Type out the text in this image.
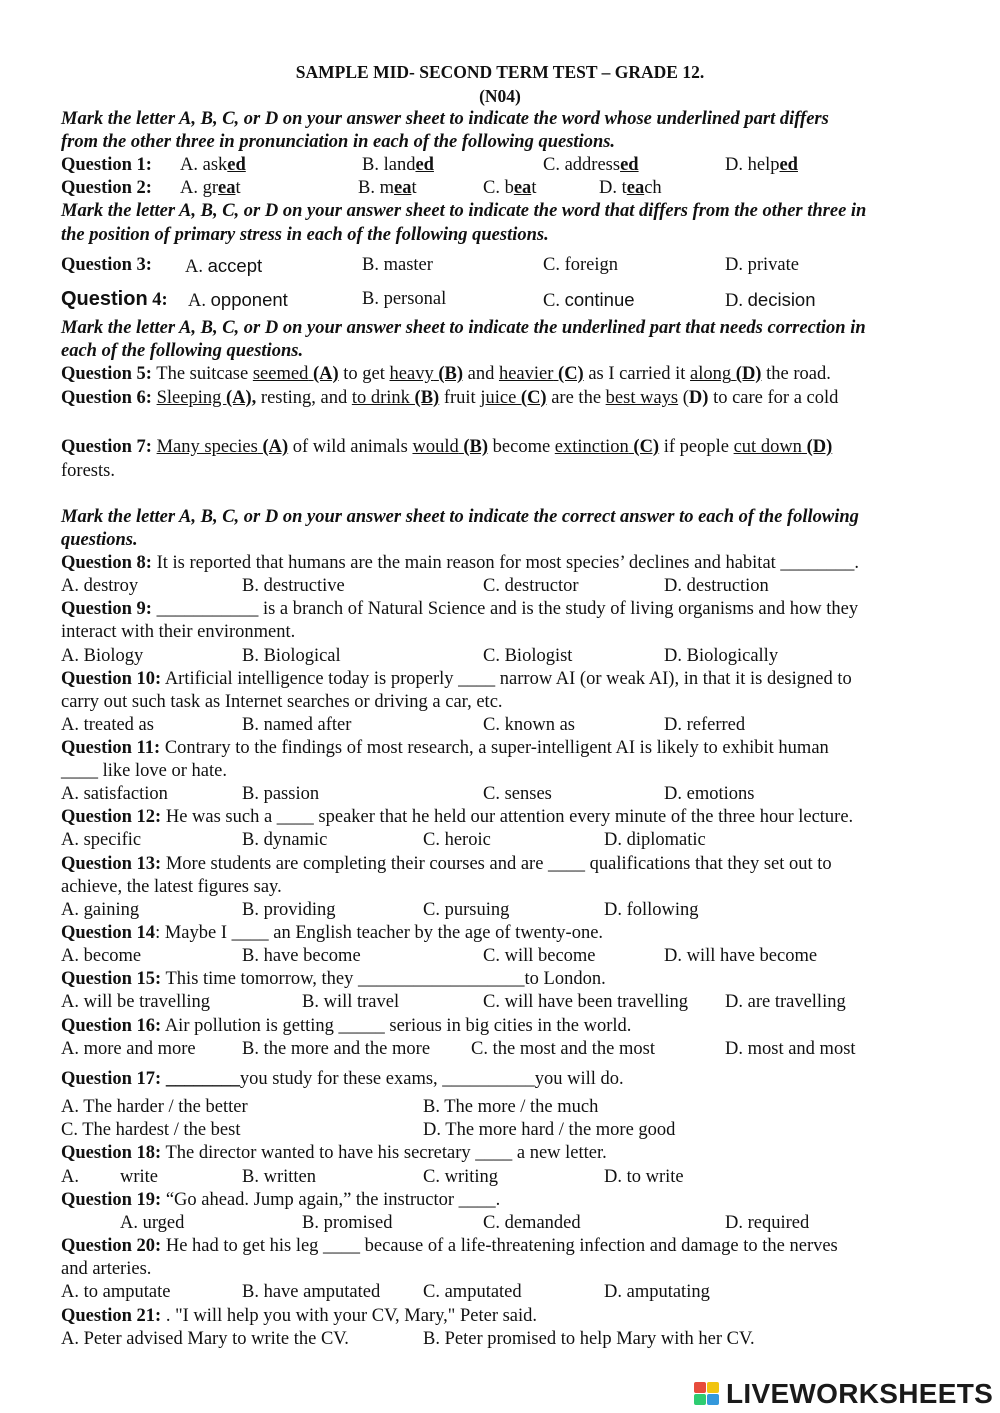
SAMPLE MID- SECOND TERM TEST – GRADE 12.
(N04)
Mark the letter A, B, C, or D on your answer sheet to indicate the word whose underlined part differs
from the other three in pronunciation in each of the following questions.
Question 1: A. asked	B. landed	C. addressed	D. helped
Question 2: A. great	B. meat	C. beat	D. teach
Mark the letter A, B, C, or D on your answer sheet to indicate the word that differs from the other three in
the position of primary stress in each of the following questions.
Question 3: A. accept	B. master	C. foreign	D. private
Question 4: A. opponent	B. personal	C. continue	D. decision
Mark the letter A, B, C, or D on your answer sheet to indicate the underlined part that needs correction in
each of the following questions.
Question 5: The suitcase seemed (A) to get heavy (B) and heavier (C) as I carried it along (D) the road.
Question 6: Sleeping (A), resting, and to drink (B) fruit juice (C) are the best ways (D) to care for a cold
Question 7: Many species (A) of wild animals would (B) become extinction (C) if people cut down (D)
forests.
Mark the letter A, B, C, or D on your answer sheet to indicate the correct answer to each of the following
questions.
Question 8: It is reported that humans are the main reason for most species’ declines and habitat ________.
A. destroy	B. destructive	C. destructor	D. destruction
Question 9: ___________ is a branch of Natural Science and is the study of living organisms and how they
interact with their environment.
A. Biology	B. Biological	C. Biologist	D. Biologically
Question 10: Artificial intelligence today is properly ____ narrow AI (or weak AI), in that it is designed to
carry out such task as Internet searches or driving a car, etc.
A. treated as	B. named after	C. known as	D. referred
Question 11: Contrary to the findings of most research, a super-intelligent AI is likely to exhibit human
____ like love or hate.
A. satisfaction	B. passion	C. senses	D. emotions
Question 12: He was such a ____ speaker that he held our attention every minute of the three hour lecture.
A. specific	B. dynamic	C. heroic	D. diplomatic
Question 13: More students are completing their courses and are ____ qualifications that they set out to
achieve, the latest figures say.
A. gaining	B. providing	C. pursuing	D. following
Question 14: Maybe I ____ an English teacher by the age of twenty-one.
A. become	B. have become	C. will become	D. will have become
Question 15: This time tomorrow, they __________________to London.
A. will be travelling	B. will travel	C. will have been travelling D. are travelling
Question 16: Air pollution is getting _____ serious in big cities in the world.
A. more and more	B. the more and the more C. the most and the most	D. most and most
Question 17: ________you study for these exams, __________you will do.
A. The harder / the better	B. The more / the much
C. The hardest / the best	D. The more hard / the more good
Question 18: The director wanted to have his secretary ____ a new letter.
A. write	B. written	C. writing	D. to write
Question 19: “Go ahead. Jump again,” the instructor ____.
A. urged	B. promised	C. demanded	D. required
Question 20: He had to get his leg ____ because of a life-threatening infection and damage to the nerves
and arteries.
A. to amputate	B. have amputated C. amputated	D. amputating
Question 21: . "I will help you with your CV, Mary," Peter said.
A. Peter advised Mary to write the CV.	B. Peter promised to help Mary with her CV.
LIVEWORKSHEETS
